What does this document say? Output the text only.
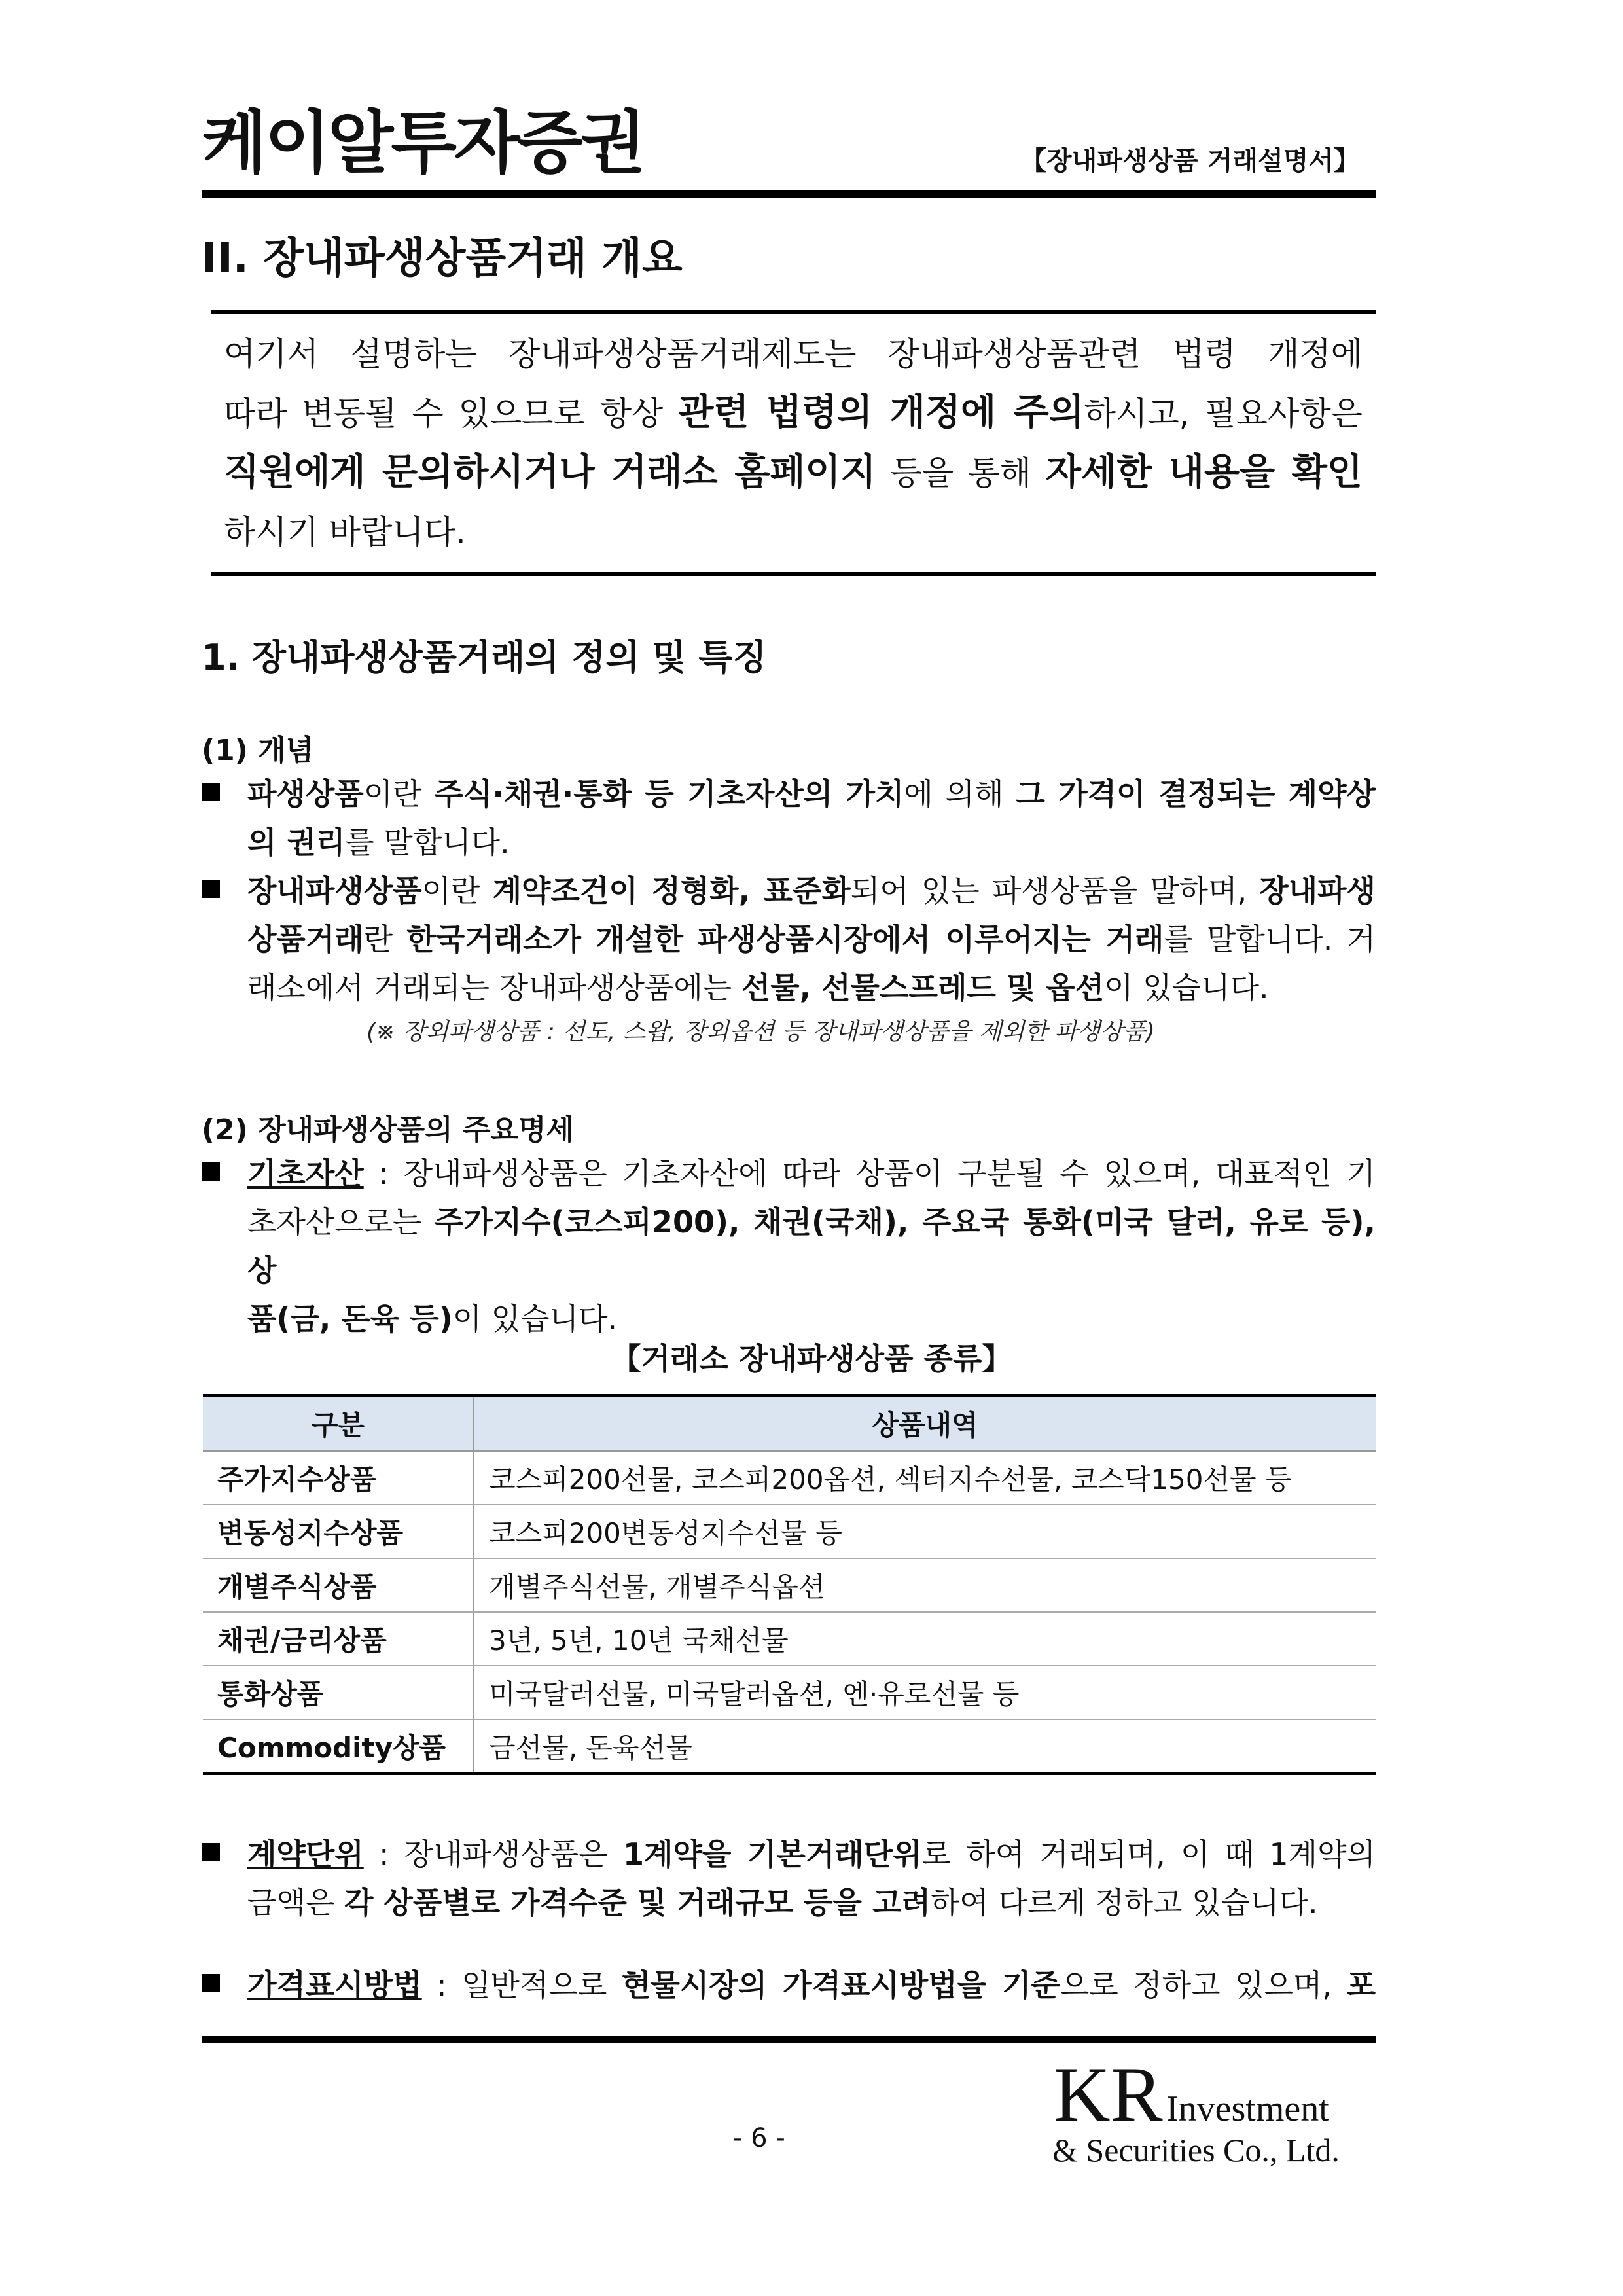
케이알투자증권	【장내파생상품 거래설명서】
II. 장내파생상품거래 개요

여기서 설명하는 장내파생상품거래제도는 장내파생상품관련 법령 개정에

따라 변동될 수 있으므로 항상 관련 법령의 개정에 주의하시고, 필요사항은

직원에게 문의하시거나 거래소 홈페이지 등을 통해 자세한 내용을 확인

하시기 바랍니다.

1. 장내파생상품거래의 정의 및 특징
(1) 개념
파생상품이란 주식·채권·통화 등 기초자산의 가치에 의해 그 가격이 결정되는 계약상
의 권리를 말합니다.
장내파생상품이란 계약조건이 정형화, 표준화되어 있는 파생상품을 말하며, 장내파생
상품거래란 한국거래소가 개설한 파생상품시장에서 이루어지는 거래를 말합니다. 거
래소에서 거래되는 장내파생상품에는 선물, 선물스프레드 및 옵션이 있습니다.
(※ 장외파생상품 : 선도, 스왑, 장외옵션 등 장내파생상품을 제외한 파생상품)
(2) 장내파생상품의 주요명세
기초자산 : 장내파생상품은 기초자산에 따라 상품이 구분될 수 있으며, 대표적인 기
초자산으로는 주가지수(코스피200), 채권(국채), 주요국 통화(미국 달러, 유로 등), 상
품(금, 돈육 등)이 있습니다.
【거래소 장내파생상품 종류】
구분	상품내역
주가지수상품	코스피200선물, 코스피200옵션, 섹터지수선물, 코스닥150선물 등
변동성지수상품	코스피200변동성지수선물 등
개별주식상품	개별주식선물, 개별주식옵션
채권/금리상품	3년, 5년, 10년 국채선물
통화상품	미국달러선물, 미국달러옵션, 엔·유로선물 등
Commodity상품	금선물, 돈육선물
계약단위 : 장내파생상품은 1계약을 기본거래단위로 하여 거래되며, 이 때 1계약의
금액은 각 상품별로 가격수준 및 거래규모 등을 고려하여 다르게 정하고 있습니다.
가격표시방법 : 일반적으로 현물시장의 가격표시방법을 기준으로 정하고 있으며, 포
- 6 -
KR Investment
& Securities Co., Ltd.
